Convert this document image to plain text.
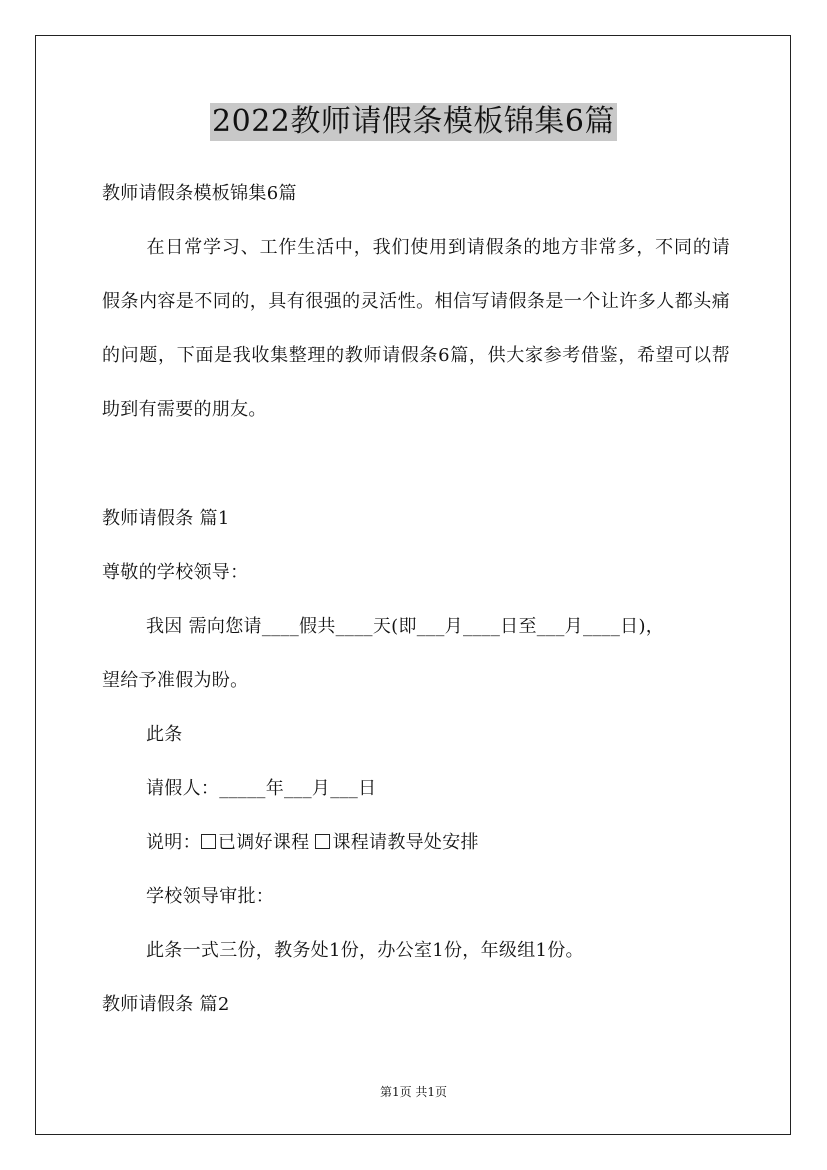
2022教师请假条模板锦集6篇
教师请假条模板锦集6篇
在日常学习、工作生活中，我们使用到请假条的地方非常多，不同的请假条内容是不同的，具有很强的灵活性。相信写请假条是一个让许多人都头痛的问题，下面是我收集整理的教师请假条6篇，供大家参考借鉴，希望可以帮助到有需要的朋友。
教师请假条 篇1
尊敬的学校领导：
我因 需向您请____假共____天(即___月____日至___月____日)，
望给予准假为盼。
此条
请假人：_____年___月___日
说明： 已调好课程 课程请教导处安排
学校领导审批：
此条一式三份，教务处1份，办公室1份，年级组1份。
教师请假条 篇2
第1页 共1页
